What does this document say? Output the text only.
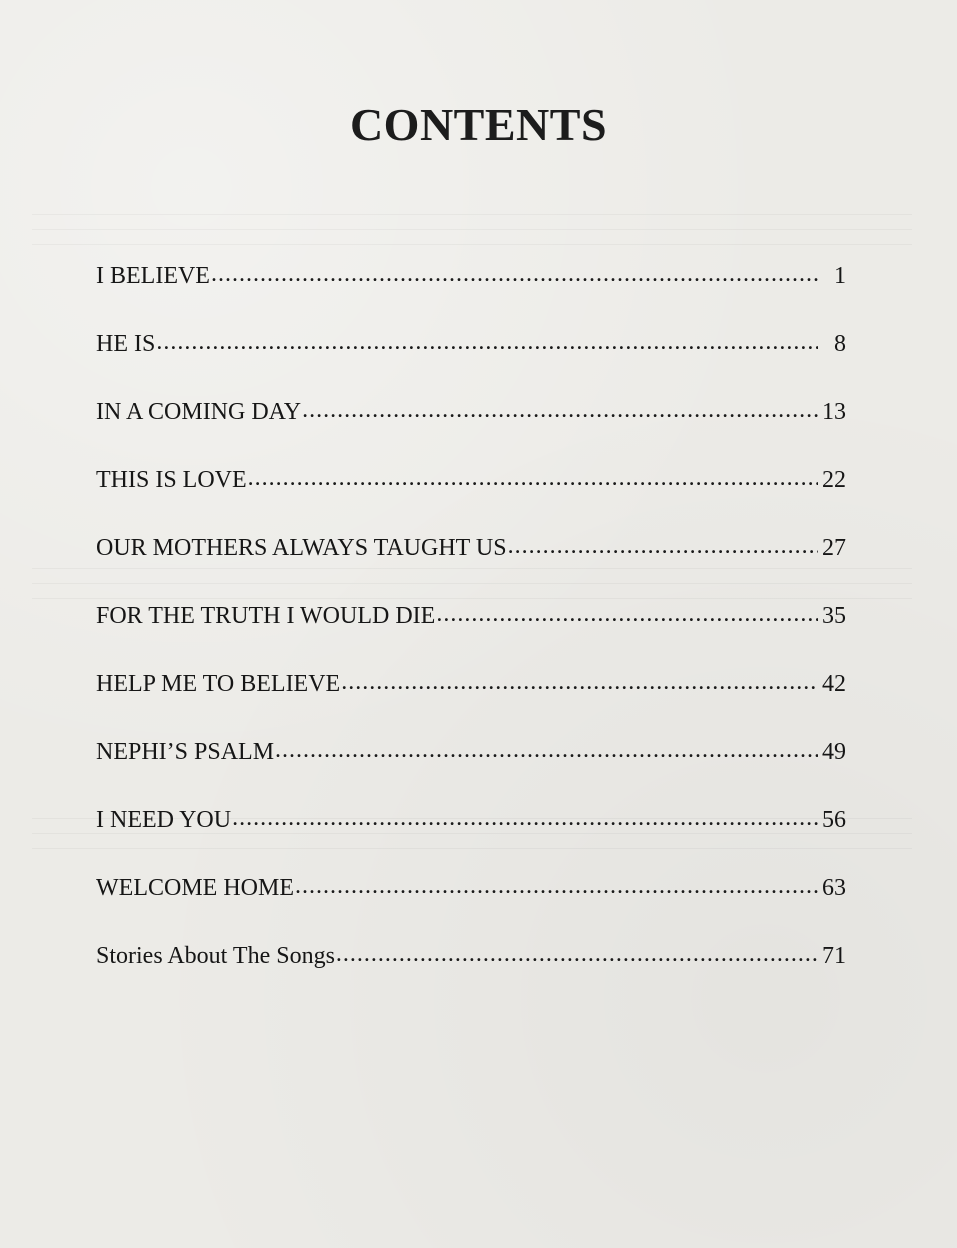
CONTENTS
I BELIEVE .....	1
HE IS .....	8
IN A COMING DAY .....	13
THIS IS LOVE .....	22
OUR MOTHERS ALWAYS TAUGHT US .....	27
FOR THE TRUTH I WOULD DIE .....	35
HELP ME TO BELIEVE .....	42
NEPHI’S PSALM .....	49
I NEED YOU .....	56
WELCOME HOME .....	63
Stories About The Songs .....	71
